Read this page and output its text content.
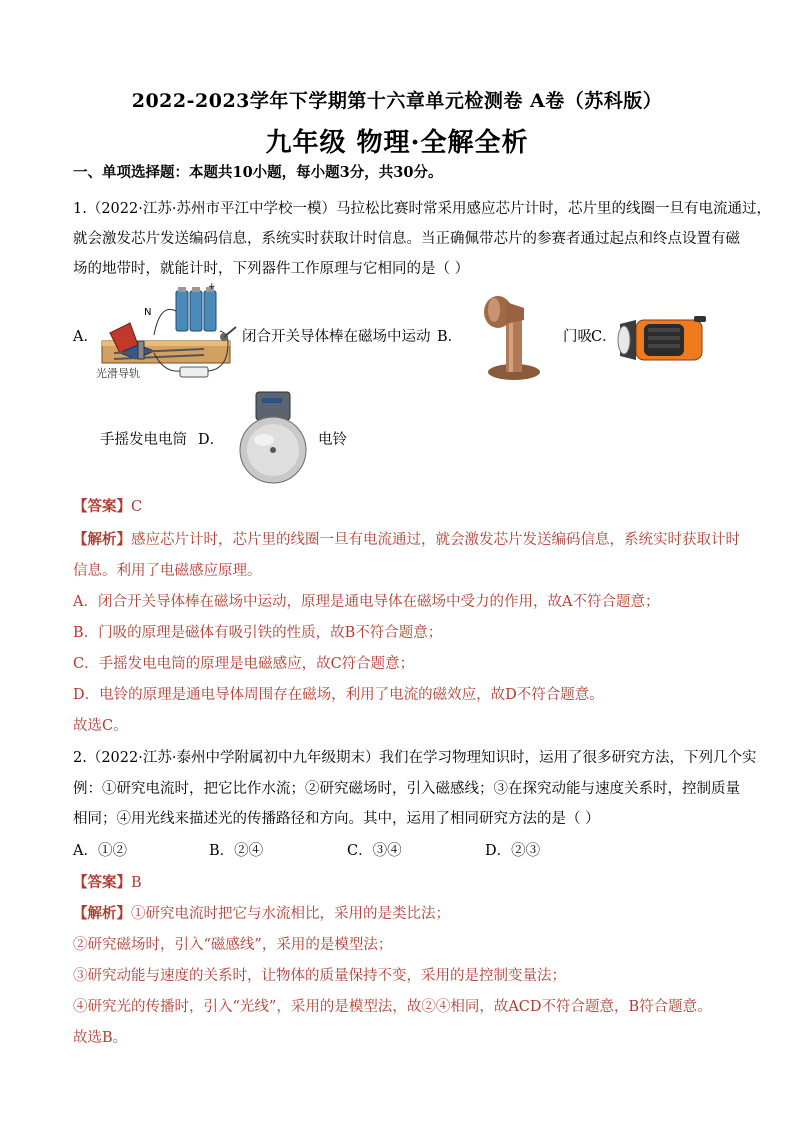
2022-2023学年下学期第十六章单元检测卷 A卷（苏科版）
九年级 物理·全解全析
一、单项选择题：本题共10小题，每小题3分，共30分。
1.（2022·江苏·苏州市平江中学校一模）马拉松比赛时常采用感应芯片计时，芯片里的线圈一旦有电流通过，
就会激发芯片发送编码信息，系统实时获取计时信息。当正确佩带芯片的参赛者通过起点和终点设置有磁
场的地带时，就能计时，下列器件工作原理与它相同的是（ ）
A．
N
+
光滑导轨
闭合开关导体棒在磁场中运动 B．	门吸 C．
手摇发电电筒 D．	电铃
【答案】C
【解析】感应芯片计时，芯片里的线圈一旦有电流通过，就会激发芯片发送编码信息，系统实时获取计时
信息。利用了电磁感应原理。
A．闭合开关导体棒在磁场中运动，原理是通电导体在磁场中受力的作用，故A不符合题意；
B．门吸的原理是磁体有吸引铁的性质，故B不符合题意；
C．手摇发电电筒的原理是电磁感应，故C符合题意；
D．电铃的原理是通电导体周围存在磁场，利用了电流的磁效应，故D不符合题意。
故选C。
2.（2022·江苏·泰州中学附属初中九年级期末）我们在学习物理知识时，运用了很多研究方法，下列几个实
例：①研究电流时，把它比作水流；②研究磁场时，引入磁感线；③在探究动能与速度关系时，控制质量
相同；④用光线来描述光的传播路径和方向。其中，运用了相同研究方法的是（ ）
A．①②	B．②④	C．③④	D．②③
【答案】B
【解析】①研究电流时把它与水流相比，采用的是类比法；
②研究磁场时，引入“磁感线”，采用的是模型法；
③研究动能与速度的关系时，让物体的质量保持不变，采用的是控制变量法；
④研究光的传播时，引入“光线”，采用的是模型法，故②④相同，故ACD不符合题意，B符合题意。
故选B。
